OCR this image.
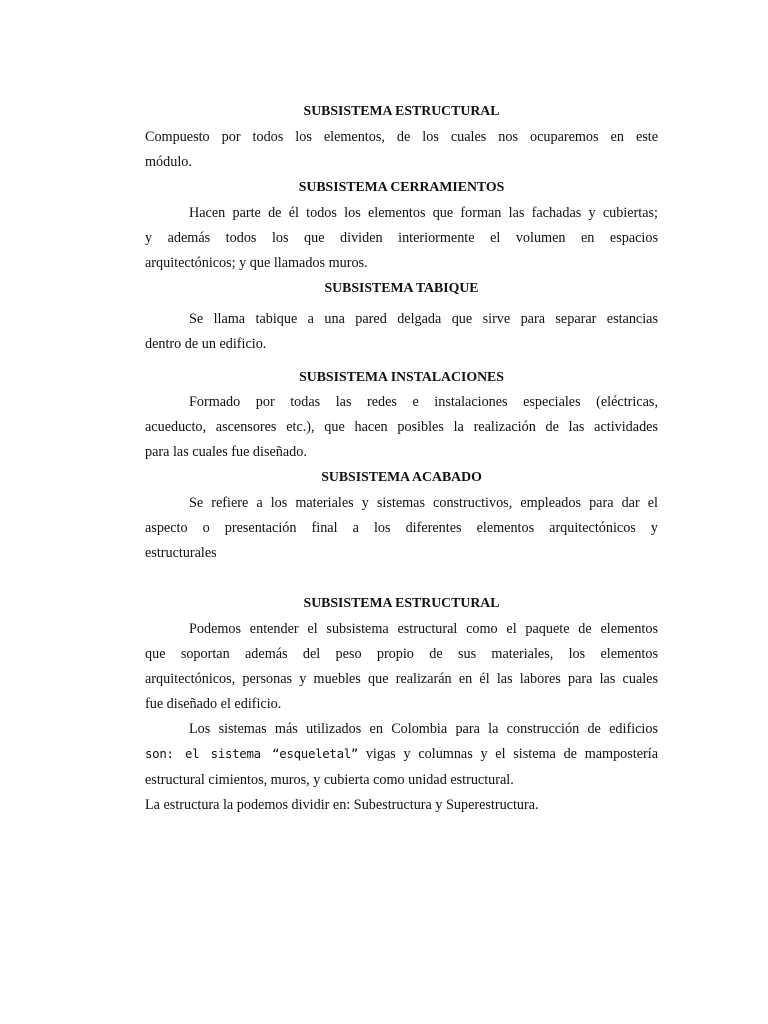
SUBSISTEMA ESTRUCTURAL
Compuesto por todos los elementos, de los cuales nos ocuparemos en este
módulo.
SUBSISTEMA CERRAMIENTOS
Hacen parte de él todos los elementos que forman las fachadas y cubiertas;
y además todos los que dividen interiormente el volumen en espacios
arquitectónicos; y que llamados muros.
SUBSISTEMA TABIQUE
Se llama tabique a una pared delgada que sirve para separar estancias
dentro de un edificio.
SUBSISTEMA INSTALACIONES
Formado por todas las redes e instalaciones especiales (eléctricas,
acueducto, ascensores etc.), que hacen posibles la realización de las actividades
para las cuales fue diseñado.
SUBSISTEMA ACABADO
Se refiere a los materiales y sistemas constructivos, empleados para dar el
aspecto o presentación final a los diferentes elementos arquitectónicos y
estructurales
SUBSISTEMA ESTRUCTURAL
Podemos entender el subsistema estructural como el paquete de elementos
que soportan además del peso propio de sus materiales, los elementos
arquitectónicos, personas y muebles que realizarán en él las labores para las cuales
fue diseñado el edificio.
Los sistemas más utilizados en Colombia para la construcción de edificios
son: el sistema “esqueletal” vigas y columnas y el sistema de mampostería
estructural cimientos, muros, y cubierta como unidad estructural.
La estructura la podemos dividir en: Subestructura y Superestructura.
